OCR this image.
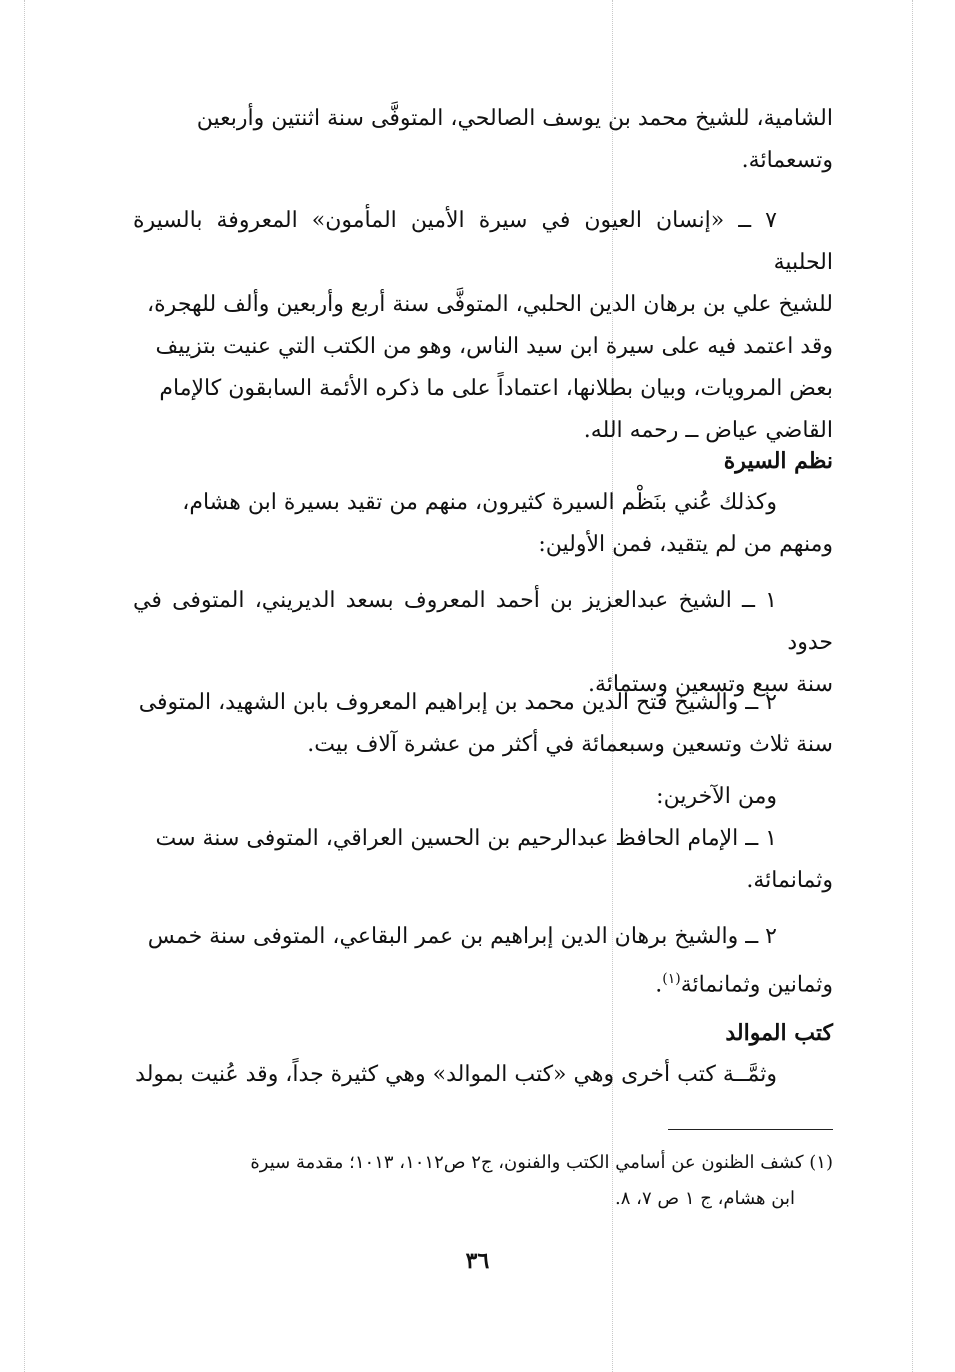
الشامية، للشيخ محمد بن يوسف الصالحي، المتوفَّى سنة اثنتين وأربعين

وتسعمائة.

٧ ــ «إنسان العيون في سيرة الأمين المأمون» المعروفة بالسيرة الحلبية

للشيخ علي بن برهان الدين الحلبي، المتوفَّى سنة أربع وأربعين وألف للهجرة،

وقد اعتمد فيه على سيرة ابن سيد الناس، وهو من الكتب التي عنيت بتزييف

بعض المرويات، وبيان بطلانها، اعتماداً على ما ذكره الأئمة السابقون كالإمام

القاضي عياض ــ رحمه الله.

نظم السيرة

وكذلك عُني بنَظْم السيرة كثيرون، منهم من تقيد بسيرة ابن هشام،

ومنهم من لم يتقيد، فمن الأولين:

١ ــ الشيخ عبدالعزيز بن أحمد المعروف بسعد الديريني، المتوفى في حدود

سنة سبع وتسعين وستمائة.

٢ ــ والشيخ فتح الدين محمد بن إبراهيم المعروف بابن الشهيد، المتوفى

سنة ثلاث وتسعين وسبعمائة في أكثر من عشرة آلاف بيت.

ومن الآخرين:

١ ــ الإمام الحافظ عبدالرحيم بن الحسين العراقي، المتوفى سنة ست

وثمانمائة.

٢ ــ والشيخ برهان الدين إبراهيم بن عمر البقاعي، المتوفى سنة خمس

وثمانين وثمانمائة$^{(١)}$.

كتب الموالد

وثمَّــة كتب أخرى وهي «كتب الموالد» وهي كثيرة جداً، وقد عُنيت بمولد

(١) كشف الظنون عن أسامي الكتب والفنون، ج٢ ص١٠١٢، ١٠١٣؛ مقدمة سيرة

ابن هشام، ج ١ ص ٧، ٨.

٣٦
